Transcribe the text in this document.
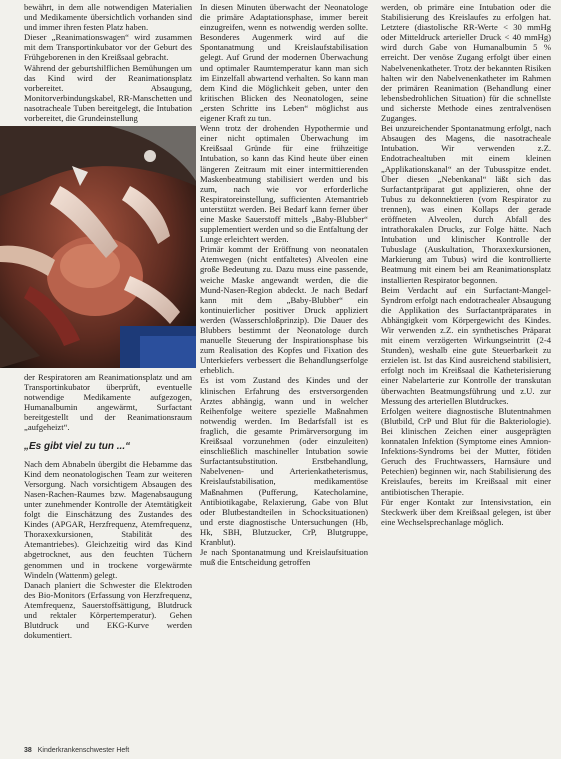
bewährt, in dem alle notwendigen Materialien und Medikamente übersichtlich vorhanden sind und immer ihren festen Platz haben.

Dieser „Reanimationswagen“ wird zusammen mit dem Transportinkubator vor der Geburt des Frühgeborenen in den Kreißsaal gebracht.

Während der geburtshilflichen Bemühungen um das Kind wird der Reanimationsplatz vorbereitet. Absaugung, Monitorverbindungskabel, RR-Manschetten und nasotracheale Tuben bereitgelegt, die Intubation vorbereitet, die Grundeinstellung

der Respiratoren am Reanimationsplatz und am Transportinkubator überprüft, eventuelle notwendige Medikamente aufgezogen, Humanalbumin angewärmt, Surfactant bereitgestellt und der Reanimationsraum „aufgeheizt“.

„Es gibt viel zu tun ...“

Nach dem Abnabeln übergibt die Hebamme das Kind dem neonatologischen Team zur weiteren Versorgung. Nach vorsichtigem Absaugen des Nasen-Rachen-Raumes bzw. Magenabsaugung unter zunehmender Kontrolle der Atemtätigkeit folgt die Einschätzung des Zustandes des Kindes (APGAR, Herzfrequenz, Atemfrequenz, Thoraxexkursionen, Stabilität des Atemantriebes). Gleichzeitig wird das Kind abgetrocknet, aus den feuchten Tüchern genommen und in trockene vorgewärmte Windeln (Wattenm) gelegt.

Danach planiert die Schwester die Elektroden des Bio-Monitors (Erfassung von Herzfrequenz, Atemfrequenz, Sauerstoffsättigung, Blutdruck und rektaler Körpertemperatur). Gehen Blutdruck und EKG-Kurve werden dokumentiert.

In diesen Minuten überwacht der Neonatologe die primäre Adaptationsphase, immer bereit einzugreifen, wenn es notwendig werden sollte. Besonderes Augenmerk wird auf die Spontanatmung und Kreislaufstabilisation gelegt. Auf Grund der modernen Überwachung und optimaler Raumtemperatur kann man sich im Einzelfall abwartend verhalten. So kann man dem Kind die Möglichkeit geben, unter den kritischen Blicken des Neonatologen, seine „ersten Schritte ins Leben“ möglichst aus eigener Kraft zu tun.

Wenn trotz der drohenden Hypothermie und einer nicht optimalen Überwachung im Kreißsaal Gründe für eine frühzeitige Intubation, so kann das Kind heute über einen längeren Zeitraum mit einer intermittierenden Maskenbeatmung stabilisiert werden und bis zum, nach wie vor erforderliche Respiratoreinstellung, sufficienten Atemantrieb unterstützt werden. Bei Bedarf kann ferner über eine Maske Sauerstoff mittels „Baby-Blubber“ supplementiert werden und so die Entfaltung der Lunge erleichtert werden.

Primär kommt der Eröffnung von neonatalen Atemwegen (nicht entfaltetes) Alveolen eine große Bedeutung zu. Dazu muss eine passende, weiche Maske angewandt werden, die die Mund-Nasen-Region abdeckt. Je nach Bedarf kann mit dem „Baby-Blubber“ ein kontinuierlicher positiver Druck appliziert werden (Wasserschloßprinzip). Die Dauer des Blubbers bestimmt der Neonatologe durch manuelle Steuerung der Inspirationsphase bis zum Realisation des Kopfes und Fixation des Unterkiefers verbessert die Behandlungserfolge erheblich.

Es ist vom Zustand des Kindes und der klinischen Erfahrung des erstversorgenden Arztes abhängig, wann und in welcher Reihenfolge weitere spezielle Maßnahmen notwendig werden. Im Bedarfsfall ist es fraglich, die gesamte Primärversorgung im Kreißsaal vorzunehmen (oder einzuleiten) einschließlich maschineller Intubation sowie Surfactantsubstitution. Erstbehandlung, Nabelvenen- und Arterienkatheterismus, Kreislaufstabilisation, medikamentöse Maßnahmen (Pufferung, Katecholamine, Antibiotikagabe, Relaxierung, Gabe von Blut oder Blutbestandteilen in Schocksituationen) und erste diagnostische Untersuchungen (Hb, Hk, SBH, Blutzucker, CrP, Blutgruppe, Kranblut).

Je nach Spontanatmung und Kreislaufsituation muß die Entscheidung getroffen

werden, ob primäre eine Intubation oder die Stabilisierung des Kreislaufes zu erfolgen hat. Letztere (diastolische RR-Werte < 30 mmHg oder Mitteldruck arterieller Druck < 40 mmHg) wird durch Gabe von Humanalbumin 5 % erreicht. Der venöse Zugang erfolgt über einen Nabelvenenkatheter. Trotz der bekannten Risiken halten wir den Nabelvenenkatheter im Rahmen der primären Reanimation (Behandlung einer lebensbedrohlichen Situation) für die schnellste und sicherste Methode eines zentralvenösen Zuganges.

Bei unzureichender Spontanatmung erfolgt, nach Absaugen des Magens, die nasotracheale Intubation. Wir verwenden z.Z. Endotrachealtuben mit einem kleinen „Applikationskanal“ an der Tubusspitze endet. Über diesen „Nebenkanal“ läßt sich das Surfactantpräparat gut applizieren, ohne der Tubus zu dekonnektieren (vom Respirator zu trennen), was einen Kollaps der gerade eröffneten Alveolen, durch Abfall des intrathorakalen Drucks, zur Folge hätte. Nach Intubation und klinischer Kontrolle der Tubuslage (Auskultation, Thoraxexkursionen, Markierung am Tubus) wird die kontrollierte Beatmung mit einem bei am Reanimationsplatz installierten Respirator begonnen.

Beim Verdacht auf ein Surfactant-Mangel-Syndrom erfolgt nach endotrachealer Absaugung die Applikation des Surfactantpräparates in Abhängigkeit vom Körpergewicht des Kindes. Wir verwenden z.Z. ein synthetisches Präparat mit einem verzögerten Wirkungseintritt (2-4 Stunden), weshalb eine gute Steuerbarkeit zu erzielen ist. Ist das Kind ausreichend stabilisiert, erfolgt noch im Kreißsaal die Katheterisierung einer Nabelarterie zur Kontrolle der transkutan überwachten Beatmungsführung und z.U. zur Messung des arteriellen Blutdruckes.

Erfolgen weitere diagnostische Blutentnahmen (Blutbild, CrP und Blut für die Bakteriologie). Bei klinischen Zeichen einer ausgeprägten konnatalen Infektion (Symptome eines Amnion-Infektions-Syndroms bei der Mutter, fötiden Geruch des Fruchtwassers, Harnsäure und Petechien) beginnen wir, nach Stabilisierung des Kreislaufes, bereits im Kreißsaal mit einer antibiotischen Therapie.

Für enger Kontakt zur Intensivstation, ein Steckwerk über dem Kreißsaal gelegen, ist über eine Wechselsprechanlage möglich.

38 Kinderkrankenschwester Heft
